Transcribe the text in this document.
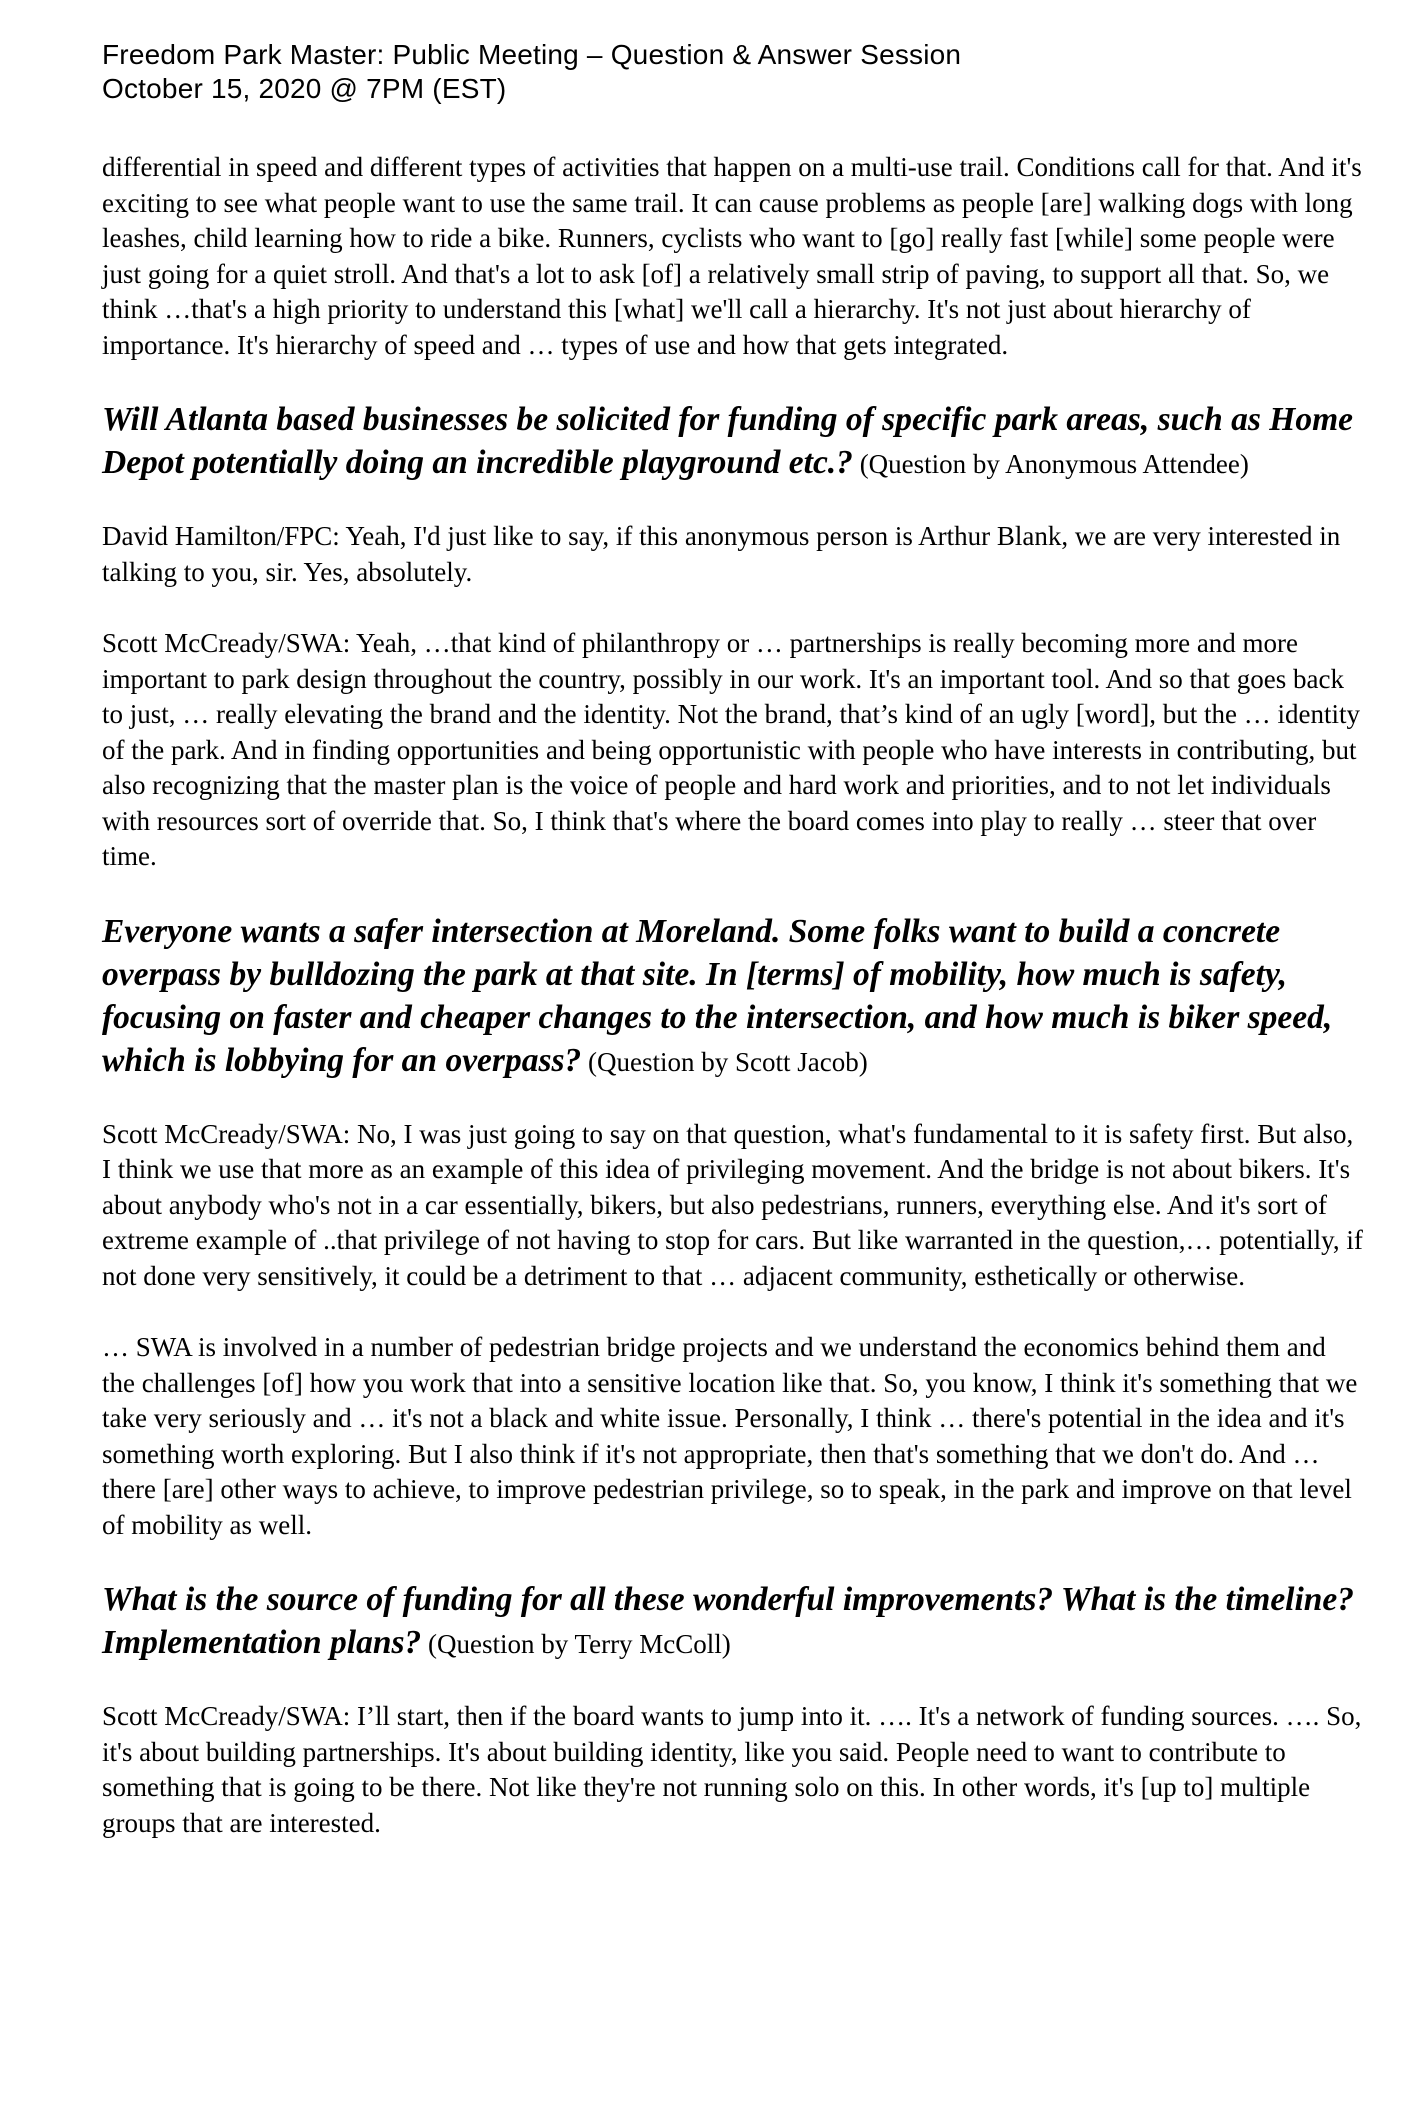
Freedom Park Master: Public Meeting – Question & Answer Session
October 15, 2020 @ 7PM (EST)

differential in speed and different types of activities that happen on a multi-use trail. Conditions call for that. And it's exciting to see what people want to use the same trail. It can cause problems as people [are] walking dogs with long leashes, child learning how to ride a bike. Runners, cyclists who want to [go] really fast [while] some people were just going for a quiet stroll. And that's a lot to ask [of] a relatively small strip of paving, to support all that. So, we think …that's a high priority to understand this [what] we'll call a hierarchy. It's not just about hierarchy of importance. It's hierarchy of speed and … types of use and how that gets integrated.

Will Atlanta based businesses be solicited for funding of specific park areas, such as Home Depot potentially doing an incredible playground etc.? (Question by Anonymous Attendee)

David Hamilton/FPC: Yeah, I'd just like to say, if this anonymous person is Arthur Blank, we are very interested in talking to you, sir. Yes, absolutely.

Scott McCready/SWA: Yeah, …that kind of philanthropy or … partnerships is really becoming more and more important to park design throughout the country, possibly in our work. It's an important tool. And so that goes back to just, … really elevating the brand and the identity. Not the brand, that’s kind of an ugly [word], but the … identity of the park. And in finding opportunities and being opportunistic with people who have interests in contributing, but also recognizing that the master plan is the voice of people and hard work and priorities, and to not let individuals with resources sort of override that. So, I think that's where the board comes into play to really … steer that over time.

Everyone wants a safer intersection at Moreland. Some folks want to build a concrete overpass by bulldozing the park at that site. In [terms] of mobility, how much is safety, focusing on faster and cheaper changes to the intersection, and how much is biker speed, which is lobbying for an overpass? (Question by Scott Jacob)

Scott McCready/SWA: No, I was just going to say on that question, what's fundamental to it is safety first. But also, I think we use that more as an example of this idea of privileging movement. And the bridge is not about bikers. It's about anybody who's not in a car essentially, bikers, but also pedestrians, runners, everything else. And it's sort of extreme example of ..that privilege of not having to stop for cars. But like warranted in the question,… potentially, if not done very sensitively, it could be a detriment to that … adjacent community, esthetically or otherwise.

… SWA is involved in a number of pedestrian bridge projects and we understand the economics behind them and the challenges [of] how you work that into a sensitive location like that. So, you know, I think it's something that we take very seriously and … it's not a black and white issue. Personally, I think … there's potential in the idea and it's something worth exploring. But I also think if it's not appropriate, then that's something that we don't do. And … there [are] other ways to achieve, to improve pedestrian privilege, so to speak, in the park and improve on that level of mobility as well.

What is the source of funding for all these wonderful improvements? What is the timeline? Implementation plans? (Question by Terry McColl)

Scott McCready/SWA: I’ll start, then if the board wants to jump into it. …. It's a network of funding sources. …. So, it's about building partnerships. It's about building identity, like you said. People need to want to contribute to something that is going to be there. Not like they're not running solo on this. In other words, it's [up to] multiple groups that are interested.
